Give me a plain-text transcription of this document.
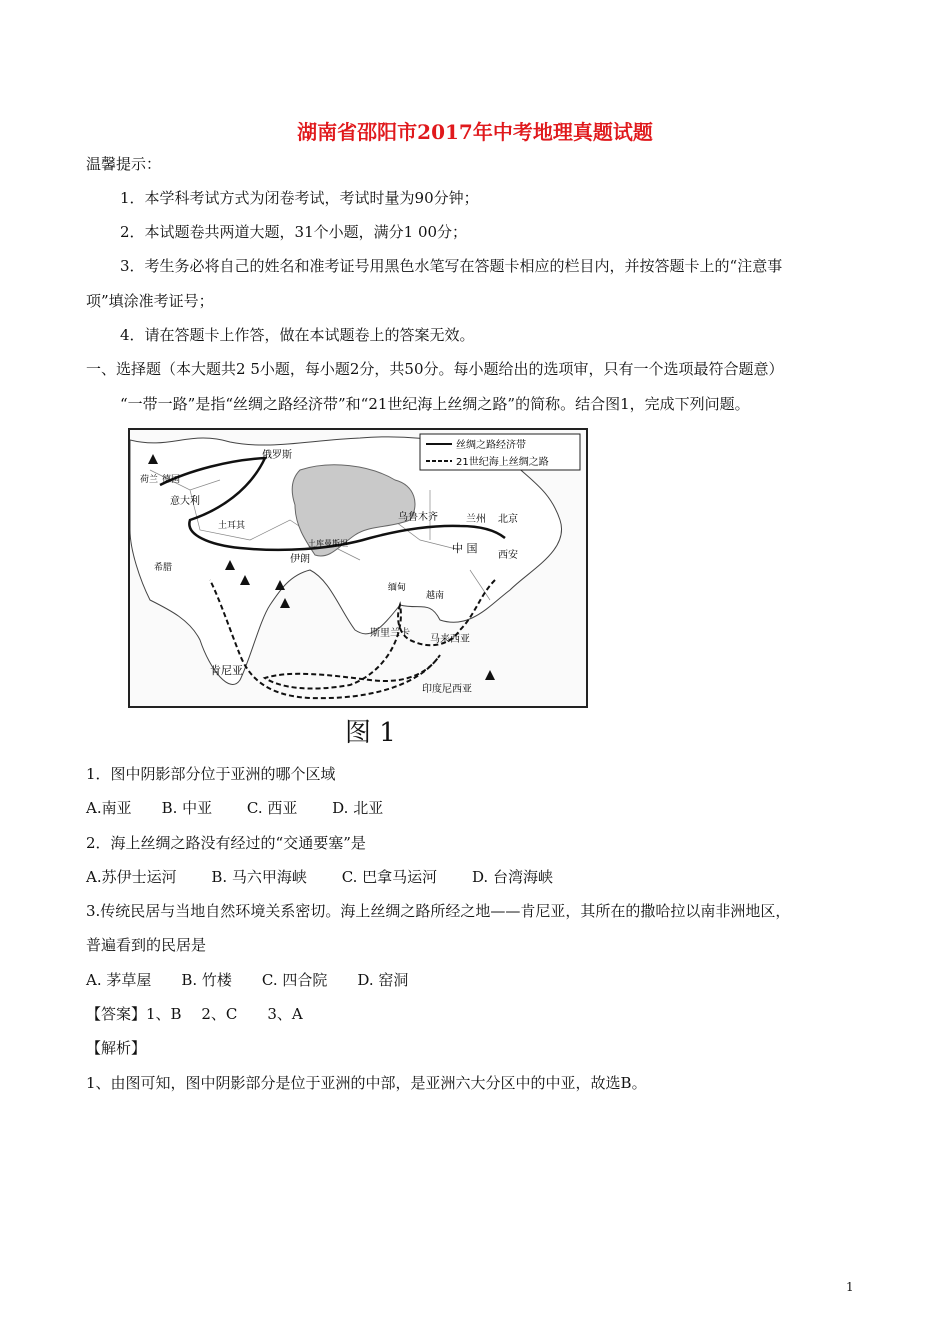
湖南省邵阳市2017年中考地理真题试题
温馨提示：
1．本学科考试方式为闭卷考试，考试时量为90分钟；
2．本试题卷共两道大题，31个小题，满分1 00分；
3．考生务必将自己的姓名和准考证号用黑色水笔写在答题卡相应的栏目内，并按答题卡上的“注意事
项”填涂准考证号；
4．请在答题卡上作答，做在本试题卷上的答案无效。
一、选择题（本大题共2 5小题，每小题2分，共50分。每小题给出的选项审，只有一个选项最符合题意）
“一带一路”是指“丝绸之路经济带”和“21世纪海上丝绸之路”的简称。结合图1，完成下列问题。
丝绸之路经济带
21世纪海上丝绸之路
俄罗斯
荷兰 德国
意大利
土耳其
希腊
伊朗
土库曼斯坦
乌鲁木齐	兰州 北京
中 国
西安
缅甸
越南
斯里兰卡
马来西亚
肯尼亚
印度尼西亚
图 1
1．图中阴影部分位于亚洲的哪个区域
A.南亚　　B. 中亚　　 C. 西亚　　 D. 北亚
2．海上丝绸之路没有经过的“交通要塞”是
A.苏伊士运河　　 B. 马六甲海峡　　 C. 巴拿马运河　　 D. 台湾海峡
3.传统民居与当地自然环境关系密切。海上丝绸之路所经之地——肯尼亚，其所在的撒哈拉以南非洲地区，
普遍看到的民居是
A. 茅草屋　　B. 竹楼　　C. 四合院　　D. 窑洞
【答案】1、B　 2、C　　3、A
【解析】
1、由图可知，图中阴影部分是位于亚洲的中部，是亚洲六大分区中的中亚，故选B。
1
